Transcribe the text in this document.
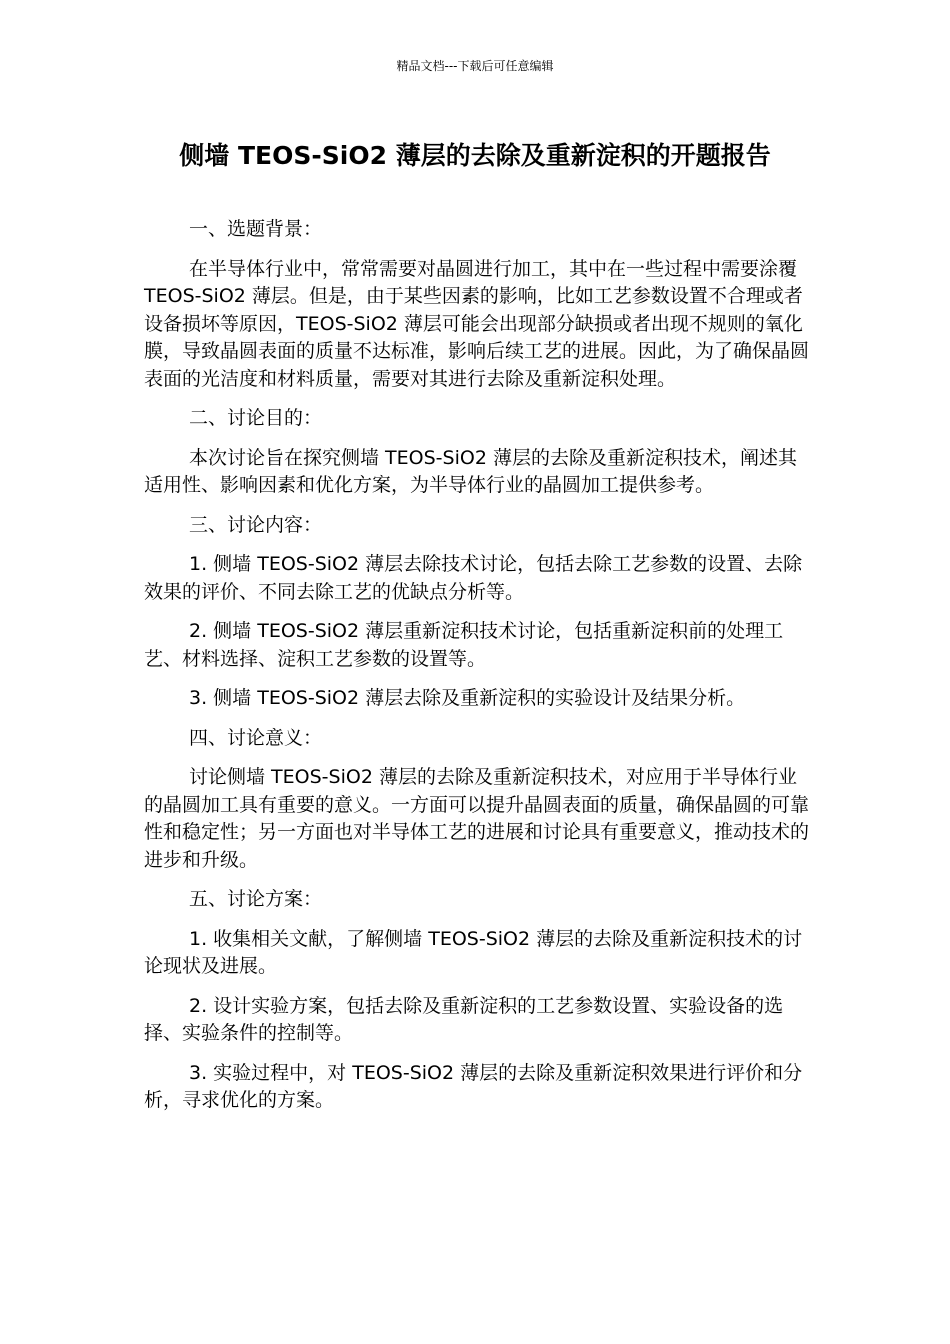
精品文档---下载后可任意编辑
侧墙 TEOS-SiO2 薄层的去除及重新淀积的开题报告

一、选题背景：

在半导体行业中，常常需要对晶圆进行加工，其中在一些过程中需要涂覆 TEOS-SiO2 薄层。但是，由于某些因素的影响，比如工艺参数设置不合理或者设备损坏等原因，TEOS-SiO2 薄层可能会出现部分缺损或者出现不规则的氧化膜，导致晶圆表面的质量不达标准，影响后续工艺的进展。因此，为了确保晶圆表面的光洁度和材料质量，需要对其进行去除及重新淀积处理。

二、讨论目的：

本次讨论旨在探究侧墙 TEOS-SiO2 薄层的去除及重新淀积技术，阐述其适用性、影响因素和优化方案，为半导体行业的晶圆加工提供参考。

三、讨论内容：

1. 侧墙 TEOS-SiO2 薄层去除技术讨论，包括去除工艺参数的设置、去除效果的评价、不同去除工艺的优缺点分析等。

2. 侧墙 TEOS-SiO2 薄层重新淀积技术讨论，包括重新淀积前的处理工艺、材料选择、淀积工艺参数的设置等。

3. 侧墙 TEOS-SiO2 薄层去除及重新淀积的实验设计及结果分析。

四、讨论意义：

讨论侧墙 TEOS-SiO2 薄层的去除及重新淀积技术，对应用于半导体行业的晶圆加工具有重要的意义。一方面可以提升晶圆表面的质量，确保晶圆的可靠性和稳定性；另一方面也对半导体工艺的进展和讨论具有重要意义，推动技术的进步和升级。

五、讨论方案：

1. 收集相关文献，了解侧墙 TEOS-SiO2 薄层的去除及重新淀积技术的讨论现状及进展。

2. 设计实验方案，包括去除及重新淀积的工艺参数设置、实验设备的选择、实验条件的控制等。

3. 实验过程中，对 TEOS-SiO2 薄层的去除及重新淀积效果进行评价和分析，寻求优化的方案。
